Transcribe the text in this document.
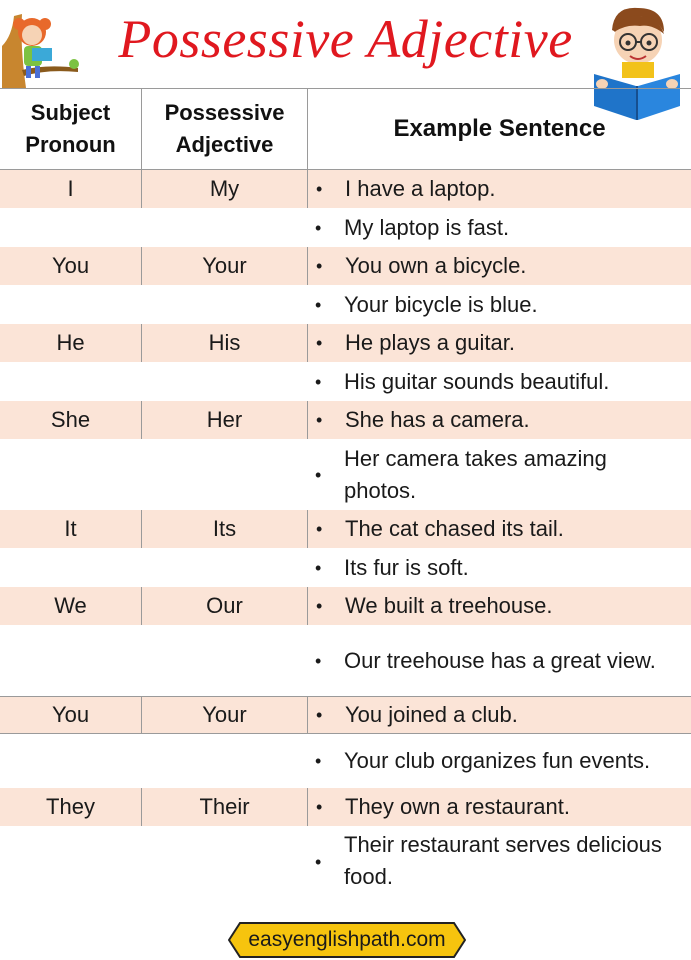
Possessive Adjective
Subject Pronoun
Possessive Adjective
Example Sentence
I	My	• I have a laptop.
• My laptop is fast.
You	Your	• You own a bicycle.
• Your bicycle is blue.
He	His	• He plays a guitar.
• His guitar sounds beautiful.
She	Her	• She has a camera.
•
Her camera takes amazing photos.
It	Its	• The cat chased its tail.
• Its fur is soft.
We	Our	• We built a treehouse.
• Our treehouse has a great view.
You	Your	• You joined a club.
• Your club organizes fun events.
They	Their	• They own a restaurant.
•
Their restaurant serves delicious food.
easyenglishpath.com
